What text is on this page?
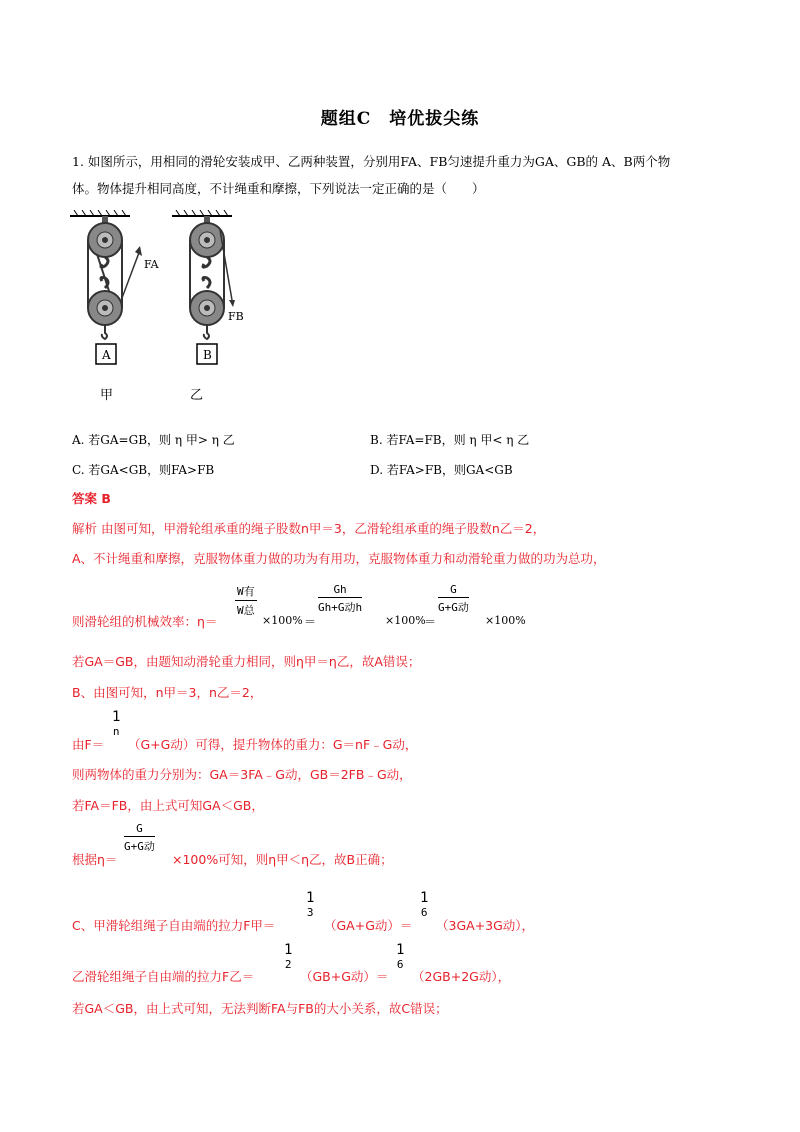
题组C　培优拔尖练
1. 如图所示，用相同的滑轮安装成甲、乙两种装置，分别用FA、FB匀速提升重力为GA、GB的 A、B两个物
体。物体提升相同高度，不计绳重和摩擦，下列说法一定正确的是（　　）
FA
A
FB
B
甲	乙
A. 若GA=GB，则 η 甲> η 乙	B. 若FA=FB，则 η 甲< η 乙
C. 若GA<GB，则FA>FB	D. 若FA>FB，则GA<GB
答案 B
解析 由图可知，甲滑轮组承重的绳子股数n甲＝3，乙滑轮组承重的绳子股数n乙＝2，
A、不计绳重和摩擦，克服物体重力做的功为有用功，克服物体重力和动滑轮重力做的功为总功，
则滑轮组的机械效率：η＝
W有
W总
×100% ＝
Gh
Gh+G动h
×100%
＝
G
G+G动
×100%
若GA＝GB，由题知动滑轮重力相同，则η甲＝η乙，故A错误；
B、由图可知，n甲＝3，n乙＝2，
由F＝
1
n
（G+G动）可得，提升物体的重力：G＝nF﹣G动，
则两物体的重力分别为：GA＝3FA﹣G动，GB＝2FB﹣G动，
若FA＝FB，由上式可知GA＜GB，
根据η＝
G
G+G动
×100%可知，则η甲＜η乙，故B正确；
C、甲滑轮组绳子自由端的拉力F甲＝
1
3
（GA+G动）＝
1
6
（3GA+3G动），
乙滑轮组绳子自由端的拉力F乙＝
1
2
（GB+G动）＝
1
6
（2GB+2G动），
若GA＜GB，由上式可知，无法判断FA与FB的大小关系，故C错误；
